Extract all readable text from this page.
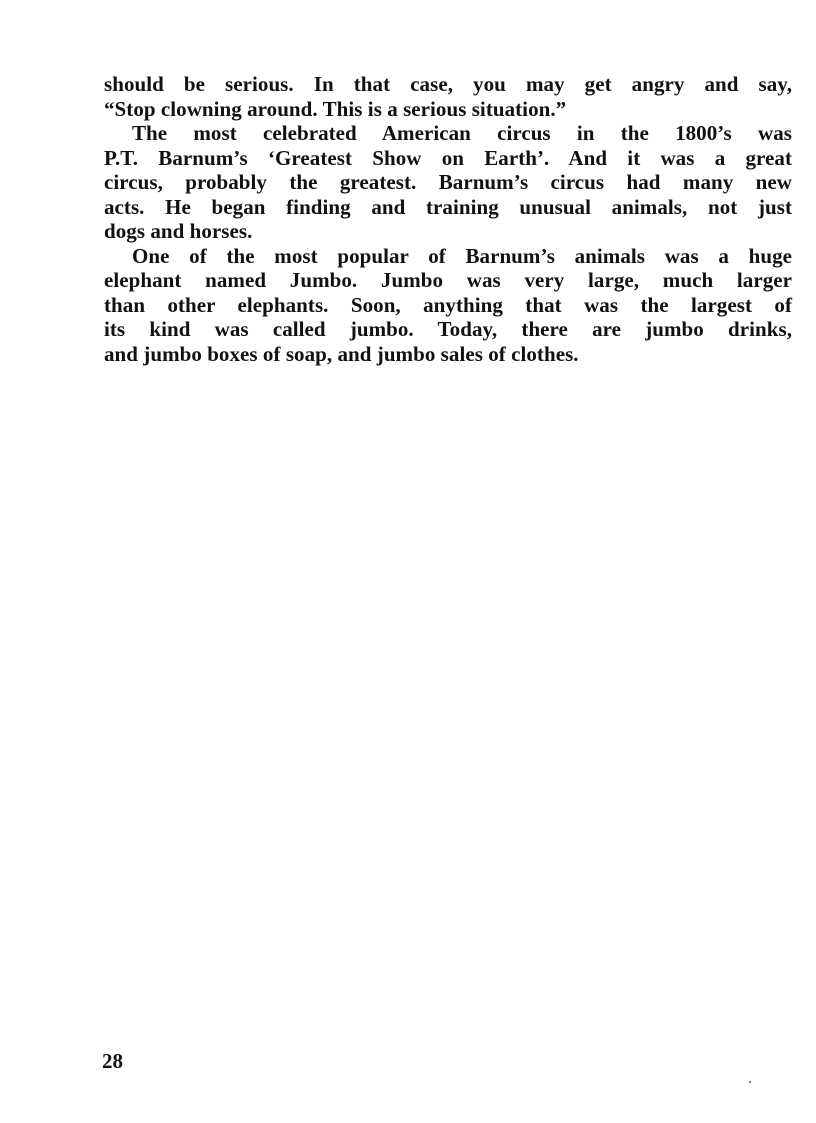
should be serious. In that case, you may get angry and say,
“Stop clowning around. This is a serious situation.”
The most celebrated American circus in the 1800’s was
P.T. Barnum’s ‘Greatest Show on Earth’. And it was a great
circus, probably the greatest. Barnum’s circus had many new
acts. He began finding and training unusual animals, not just
dogs and horses.
One of the most popular of Barnum’s animals was a huge
elephant named Jumbo. Jumbo was very large, much larger
than other elephants. Soon, anything that was the largest of
its kind was called jumbo. Today, there are jumbo drinks,
and jumbo boxes of soap, and jumbo sales of clothes.
28
